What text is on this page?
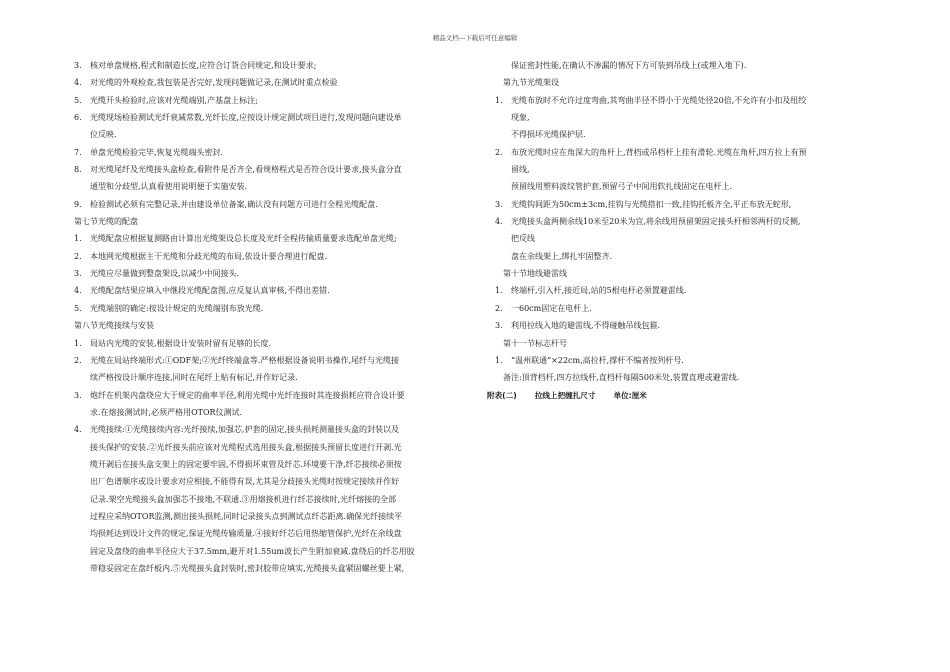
精品文档---下载后可任意编辑
3. 核对单盘规格,程式和制造长度,应符合订货合同规定,和设计要求;
4. 对光缆的外观检查,我包装是否完好,发现问题做记录,在测试时重点检验
5. 光缆开头检验时,应该对光缆端别,产基盘上标注;
6. 光缆现场检验测试光纤衰减常数,光纤长度,应按设计规定测试项目进行,发现问题向建设单
位反映.
7. 单盘光缆检验完毕,恢复光缆端头密封.
8. 对光缆尾纤及光缆接头盒检查,看附件是否齐全,看规格程式是否符合设计要求,接头盒分直
通型和分歧型,认真看使用说明便于实施安装.
9. 检验测试必须有完整记录,并由建设单位备案,确认没有问题方可进行全程光缆配盘.
第七节光缆的配盘
1. 光缆配盘应根据复测路由计算出光缆架设总长度及光纤全程传输质量要求选配单盘光缆;
2. 本地网光缆根据主干光缆和分歧光缆的布局,依设计要合理进行配盘.
3. 光缆应尽量做到整盘架设,以减少中间接头.
4. 光缆配盘结果应填入中继段光缆配盘图,应反复认真审核,不得出差错.
5. 光缆端别的确定:按设计规定的光缆端别布放光缆.
第八节光缆接续与安装
1. 局站内光缆的安装,根据设计安装时留有足够的长度.
2. 光缆在局站终端形式:①ODF架;②光纤终端盒等.严格根据设备说明书操作,尾纤与光缆接
续严格按设计顺序连接,同时在尾纤上贴有标记,并作好记录.
3. 炮纤在机架内盘绕应大于规定的曲率半径,利用光缆中光纤连接时其连接损耗应符合设计要
求.在熔接测试时,必须严格用OTOR仪测试.
4. 光缆接续:①光缆接续内容:光纤接续,加强芯,护套的固定,接头损耗测量接头盒的封装以及
接头保护的安装.②光纤接头前应该对光缆程式选用接头盒,根据接头预留长度进行开剥.光
缆开剥后在接头盒支架上的固定要牢固,不得损坏束管及纤芯.环境要干净,纤芯接续必须按
出厂色谱顺序或设计要求对应相接,不能得有误,尤其是分歧接头光缆时按规定接续并作好
记录.架空光缆接头盒加强芯不接地,不联通.③用熔接机进行纤芯接续时,光纤熔接的全部
过程应采纳OTOR监测,测出接头损耗,同时记录接头点到测试点纤芯距离.确保光纤接续平
均损耗达到设计文件的规定,保证光缆传输质量.④接好纤芯后用热缩管保护,光纤在余线盘
固定及盘绕的曲率半径应大于37.5mm,避开对1.55um波长产生附加衰减.盘绕后的纤芯用胶
带稳妥固定在盘纤板内.⑤光缆接头盒封装时,密封胶带应填实,光缆接头盒紧固螺丝要上紧,
保证密封性能,在确认不渗漏的情况下方可装到吊线上(或埋入地下).
第九节光缆架设
1. 光缆布放时不允许过度弯曲,其弯曲半径不得小于光缆处径20倍,不允许有小扣及纽绞现象,
不得损坏光缆保护层.
2. 布放光缆时应在角深大的角杆上,背档或吊档杆上挂有滑轮.光缆在角杆,四方拉上有预留线,
预留线用塑料波纹管护套,预留弓子中间用软扎线固定在电杆上.
3. 光缆钩间距为50cm±3cm,挂钩与光缆搭扣一致,挂钩托板齐全,平正布放无蛇形,
4. 光缆接头盒两侧余线10米至20米为宜,将余线用预留架固定接头杆相邻两杆的反侧,把反线
盘在余线架上,绑扎牢固整齐.
第十节地线避雷线
1. 终端杆,引入杆,接近局,站的5根电杆必须置避雷线.
2. 一60cm固定在电杆上.
3. 利用拉线入地的避雷线,不得碰触吊线包箍.
第十一节标志杆号
1. “温州联通”×22cm,高拉杆,撑杆不编者按列杆号.
备注:顶背档杆,四方拉线杆,直档杆每隔500米处,装置直理或避雷线.
附表(二) 拉线上把缠扎尺寸 单位:厘米
